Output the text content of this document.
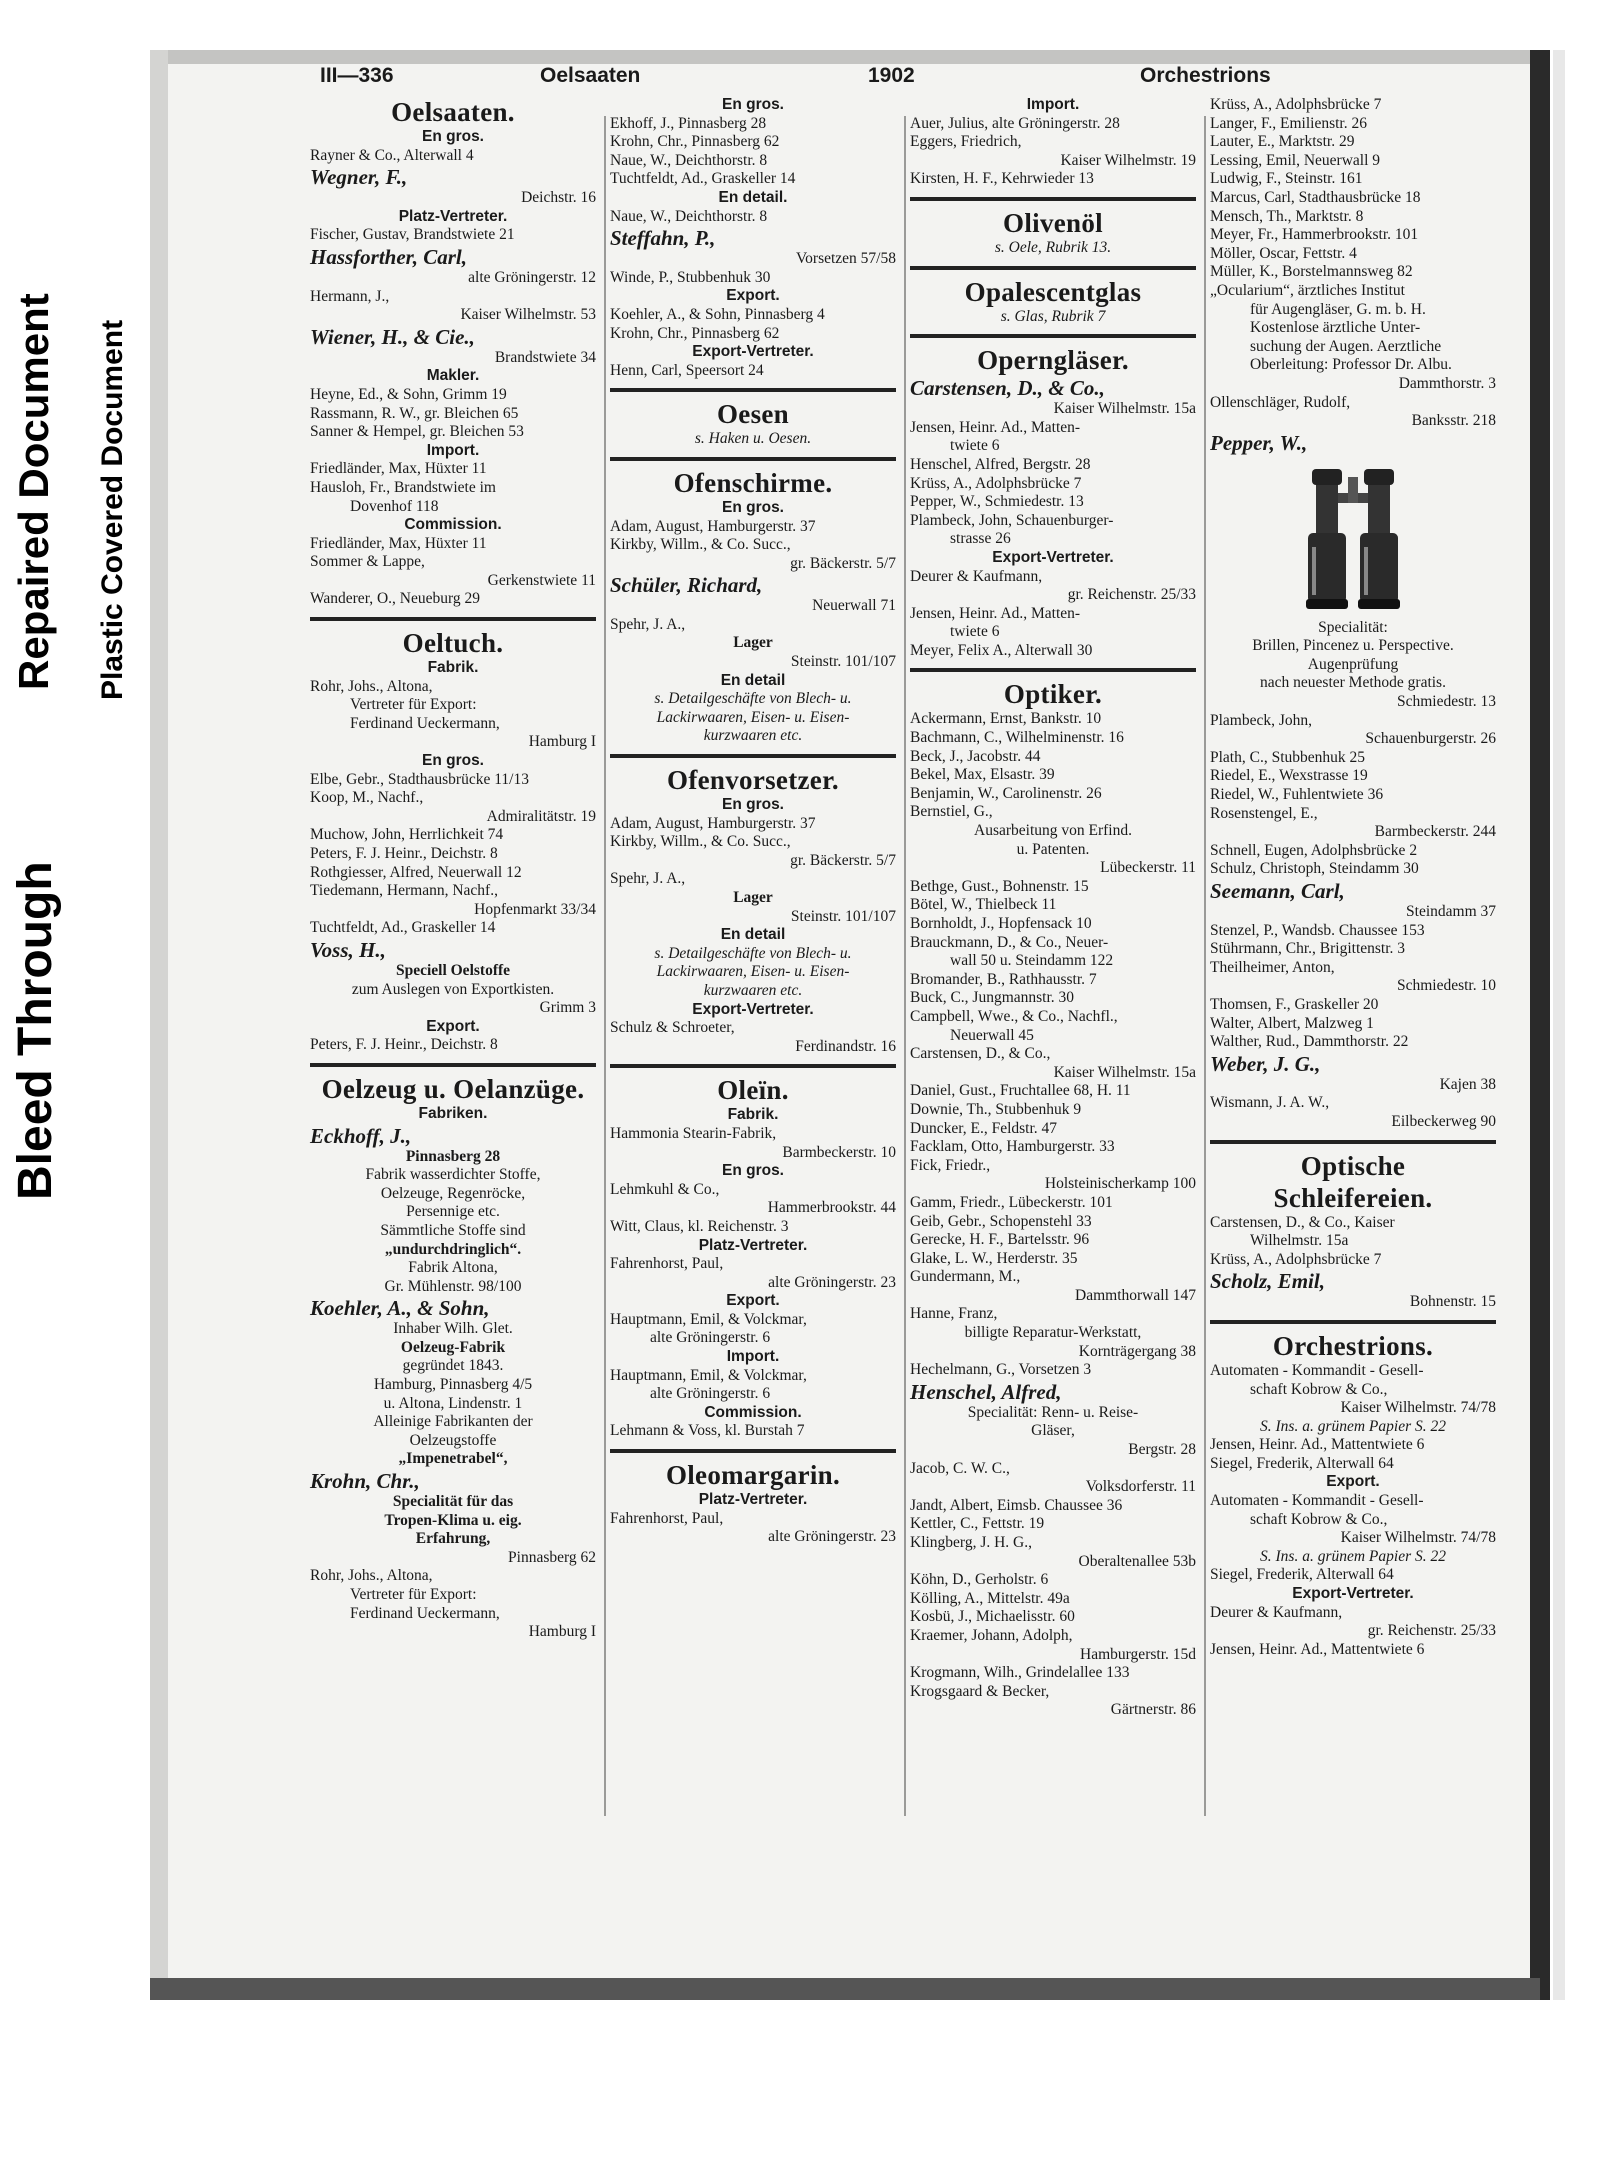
Bleed Through
Repaired Document Plastic Covered Document
III—336	Oelsaaten	1902	Orchestrions

Oelsaaten.

En gros.

Rayner & Co., Alterwall 4

Wegner, F.,

Deichstr. 16

Platz-Vertreter.

Fischer, Gustav, Brandstwiete 21

Hassforther, Carl,

alte Gröningerstr. 12

Hermann, J.,

Kaiser Wilhelmstr. 53

Wiener, H., & Cie.,

Brandstwiete 34

Makler.

Heyne, Ed., & Sohn, Grimm 19

Rassmann, R. W., gr. Bleichen 65

Sanner & Hempel, gr. Bleichen 53

Import.

Friedländer, Max, Hüxter 11

Hausloh, Fr., Brandstwiete im

Dovenhof 118

Commission.

Friedländer, Max, Hüxter 11

Sommer & Lappe,

Gerkenstwiete 11

Wanderer, O., Neueburg 29

Oeltuch.

Fabrik.

Rohr, Johs., Altona,

Vertreter für Export:

Ferdinand Ueckermann,

Hamburg I

En gros.

Elbe, Gebr., Stadthausbrücke 11/13

Koop, M., Nachf.,

Admiralitätstr. 19

Muchow, John, Herrlichkeit 74

Peters, F. J. Heinr., Deichstr. 8

Rothgiesser, Alfred, Neuerwall 12

Tiedemann, Hermann, Nachf.,

Hopfenmarkt 33/34

Tuchtfeldt, Ad., Graskeller 14

Voss, H.,

Speciell Oelstoffe

zum Auslegen von Exportkisten.

Grimm 3

Export.

Peters, F. J. Heinr., Deichstr. 8

Oelzeug u. Oelanzüge.

Fabriken.

Eckhoff, J.,

Pinnasberg 28

Fabrik wasserdichter Stoffe,

Oelzeuge, Regenröcke,

Persennige etc.

Sämmtliche Stoffe sind

„undurchdringlich“.

Fabrik Altona,

Gr. Mühlenstr. 98/100

Koehler, A., & Sohn,

Inhaber Wilh. Glet.

Oelzeug-Fabrik

gegründet 1843.

Hamburg, Pinnasberg 4/5

u. Altona, Lindenstr. 1

Alleinige Fabrikanten der

Oelzeugstoffe

„Impenetrabel“,

Krohn, Chr.,

Specialität für das

Tropen-Klima u. eig.

Erfahrung,

Pinnasberg 62

Rohr, Johs., Altona,

Vertreter für Export:

Ferdinand Ueckermann,

Hamburg I

En gros.

Ekhoff, J., Pinnasberg 28

Krohn, Chr., Pinnasberg 62

Naue, W., Deichthorstr. 8

Tuchtfeldt, Ad., Graskeller 14

En detail.

Naue, W., Deichthorstr. 8

Steffahn, P.,

Vorsetzen 57/58

Winde, P., Stubbenhuk 30

Export.

Koehler, A., & Sohn, Pinnasberg 4

Krohn, Chr., Pinnasberg 62

Export-Vertreter.

Henn, Carl, Speersort 24

Oesen

s. Haken u. Oesen.

Ofenschirme.

En gros.

Adam, August, Hamburgerstr. 37

Kirkby, Willm., & Co. Succ.,

gr. Bäckerstr. 5/7

Schüler, Richard,

Neuerwall 71

Spehr, J. A.,

Lager

Steinstr. 101/107

En detail

s. Detailgeschäfte von Blech- u.

Lackirwaaren, Eisen- u. Eisen-

kurzwaaren etc.

Ofenvorsetzer.

En gros.

Adam, August, Hamburgerstr. 37

Kirkby, Willm., & Co. Succ.,

gr. Bäckerstr. 5/7

Spehr, J. A.,

Lager

Steinstr. 101/107

En detail

s. Detailgeschäfte von Blech- u.

Lackirwaaren, Eisen- u. Eisen-

kurzwaaren etc.

Export-Vertreter.

Schulz & Schroeter,

Ferdinandstr. 16

Oleïn.

Fabrik.

Hammonia Stearin-Fabrik,

Barmbeckerstr. 10

En gros.

Lehmkuhl & Co.,

Hammerbrookstr. 44

Witt, Claus, kl. Reichenstr. 3

Platz-Vertreter.

Fahrenhorst, Paul,

alte Gröningerstr. 23

Export.

Hauptmann, Emil, & Volckmar,

alte Gröningerstr. 6

Import.

Hauptmann, Emil, & Volckmar,

alte Gröningerstr. 6

Commission.

Lehmann & Voss, kl. Burstah 7

Oleomargarin.

Platz-Vertreter.

Fahrenhorst, Paul,

alte Gröningerstr. 23

Import.

Auer, Julius, alte Gröningerstr. 28

Eggers, Friedrich,

Kaiser Wilhelmstr. 19

Kirsten, H. F., Kehrwieder 13

Olivenöl

s. Oele, Rubrik 13.

Opalescentglas

s. Glas, Rubrik 7

Operngläser.

Carstensen, D., & Co.,

Kaiser Wilhelmstr. 15a

Jensen, Heinr. Ad., Matten-

twiete 6

Henschel, Alfred, Bergstr. 28

Krüss, A., Adolphsbrücke 7

Pepper, W., Schmiedestr. 13

Plambeck, John, Schauenburger-

strasse 26

Export-Vertreter.

Deurer & Kaufmann,

gr. Reichenstr. 25/33

Jensen, Heinr. Ad., Matten-

twiete 6

Meyer, Felix A., Alterwall 30

Optiker.

Ackermann, Ernst, Bankstr. 10

Bachmann, C., Wilhelminenstr. 16

Beck, J., Jacobstr. 44

Bekel, Max, Elsastr. 39

Benjamin, W., Carolinenstr. 26

Bernstiel, G.,

Ausarbeitung von Erfind.

u. Patenten.

Lübeckerstr. 11

Bethge, Gust., Bohnenstr. 15

Bötel, W., Thielbeck 11

Bornholdt, J., Hopfensack 10

Brauckmann, D., & Co., Neuer-

wall 50 u. Steindamm 122

Bromander, B., Rathhausstr. 7

Buck, C., Jungmannstr. 30

Campbell, Wwe., & Co., Nachfl.,

Neuerwall 45

Carstensen, D., & Co.,

Kaiser Wilhelmstr. 15a

Daniel, Gust., Fruchtallee 68, H. 11

Downie, Th., Stubbenhuk 9

Duncker, E., Feldstr. 47

Facklam, Otto, Hamburgerstr. 33

Fick, Friedr.,

Holsteinischerkamp 100

Gamm, Friedr., Lübeckerstr. 101

Geib, Gebr., Schopenstehl 33

Gerecke, H. F., Bartelsstr. 96

Glake, L. W., Herderstr. 35

Gundermann, M.,

Dammthorwall 147

Hanne, Franz,

billigte Reparatur-Werkstatt,

Kornträgergang 38

Hechelmann, G., Vorsetzen 3

Henschel, Alfred,

Specialität: Renn- u. Reise-

Gläser,

Bergstr. 28

Jacob, C. W. C.,

Volksdorferstr. 11

Jandt, Albert, Eimsb. Chaussee 36

Kettler, C., Fettstr. 19

Klingberg, J. H. G.,

Oberaltenallee 53b

Köhn, D., Gerholstr. 6

Kölling, A., Mittelstr. 49a

Kosbü, J., Michaelisstr. 60

Kraemer, Johann, Adolph,

Hamburgerstr. 15d

Krogmann, Wilh., Grindelallee 133

Krogsgaard & Becker,

Gärtnerstr. 86

Krüss, A., Adolphsbrücke 7

Langer, F., Emilienstr. 26

Lauter, E., Marktstr. 29

Lessing, Emil, Neuerwall 9

Ludwig, F., Steinstr. 161

Marcus, Carl, Stadthausbrücke 18

Mensch, Th., Marktstr. 8

Meyer, Fr., Hammerbrookstr. 101

Möller, Oscar, Fettstr. 4

Müller, K., Borstelmannsweg 82

„Ocularium“, ärztliches Institut

für Augengläser, G. m. b. H.

Kostenlose ärztliche Unter-

suchung der Augen. Aerztliche

Oberleitung: Professor Dr. Albu.

Dammthorstr. 3

Ollenschläger, Rudolf,

Banksstr. 218

Pepper, W.,

Specialität:

Brillen, Pincenez u. Perspective.

Augenprüfung

nach neuester Methode gratis.

Schmiedestr. 13

Plambeck, John,

Schauenburgerstr. 26

Plath, C., Stubbenhuk 25

Riedel, E., Wexstrasse 19

Riedel, W., Fuhlentwiete 36

Rosenstengel, E.,

Barmbeckerstr. 244

Schnell, Eugen, Adolphsbrücke 2

Schulz, Christoph, Steindamm 30

Seemann, Carl,

Steindamm 37

Stenzel, P., Wandsb. Chaussee 153

Stührmann, Chr., Brigittenstr. 3

Theilheimer, Anton,

Schmiedestr. 10

Thomsen, F., Graskeller 20

Walter, Albert, Malzweg 1

Walther, Rud., Dammthorstr. 22

Weber, J. G.,

Kajen 38

Wismann, J. A. W.,

Eilbeckerweg 90

Optische

Schleifereien.

Carstensen, D., & Co., Kaiser

Wilhelmstr. 15a

Krüss, A., Adolphsbrücke 7

Scholz, Emil,

Bohnenstr. 15

Orchestrions.

Automaten - Kommandit - Gesell-

schaft Kobrow & Co.,

Kaiser Wilhelmstr. 74/78

S. Ins. a. grünem Papier S. 22

Jensen, Heinr. Ad., Mattentwiete 6

Siegel, Frederik, Alterwall 64

Export.

Automaten - Kommandit - Gesell-

schaft Kobrow & Co.,

Kaiser Wilhelmstr. 74/78

S. Ins. a. grünem Papier S. 22

Siegel, Frederik, Alterwall 64

Export-Vertreter.

Deurer & Kaufmann,

gr. Reichenstr. 25/33

Jensen, Heinr. Ad., Mattentwiete 6
